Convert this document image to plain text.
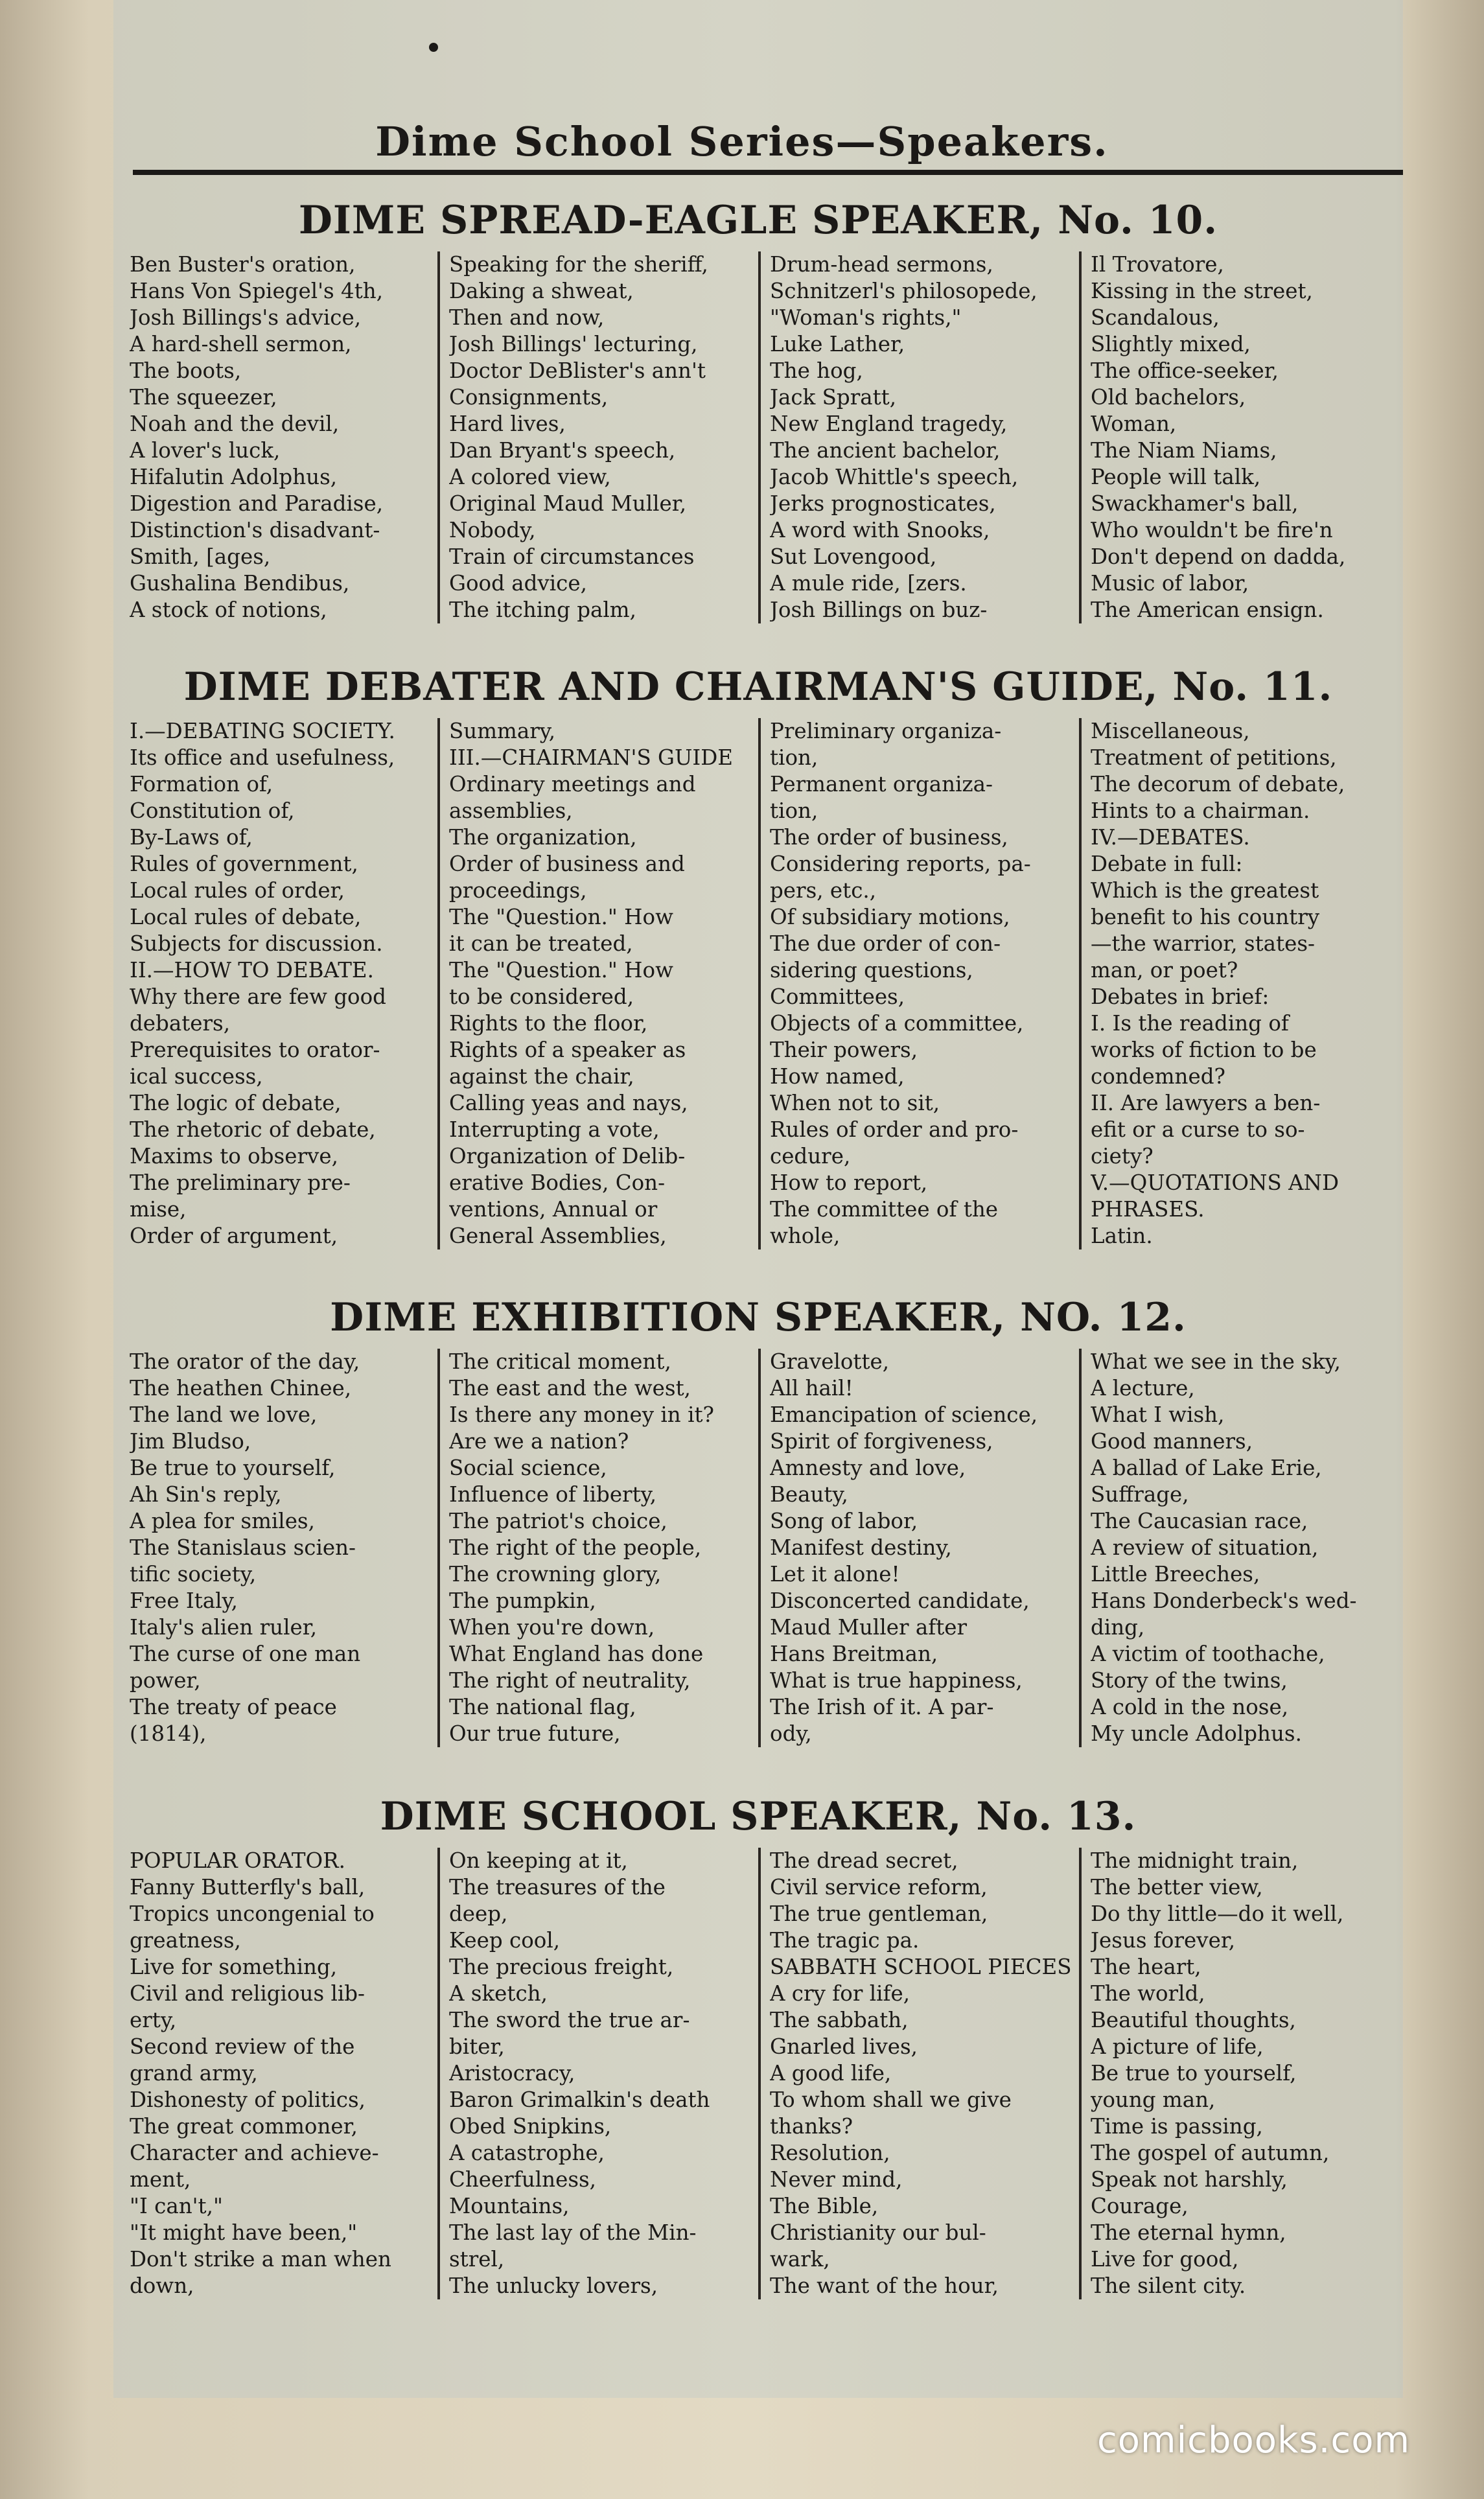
Dime School Series—Speakers.
DIME SPREAD-EAGLE SPEAKER, No. 10.
Ben Buster's oration,
Hans Von Spiegel's 4th,
Josh Billings's advice,
A hard-shell sermon,
The boots,
The squeezer,
Noah and the devil,
A lover's luck,
Hifalutin Adolphus,
Digestion and Paradise,
Distinction's disadvant-
Smith, [ages,
Gushalina Bendibus,
A stock of notions,
Speaking for the sheriff,
Daking a shweat,
Then and now,
Josh Billings' lecturing,
Doctor DeBlister's ann't
Consignments,
Hard lives,
Dan Bryant's speech,
A colored view,
Original Maud Muller,
Nobody,
Train of circumstances
Good advice,
The itching palm,
Drum-head sermons,
Schnitzerl's philosopede,
"Woman's rights,"
Luke Lather,
The hog,
Jack Spratt,
New England tragedy,
The ancient bachelor,
Jacob Whittle's speech,
Jerks prognosticates,
A word with Snooks,
Sut Lovengood,
A mule ride, [zers.
Josh Billings on buz-
Il Trovatore,
Kissing in the street,
Scandalous,
Slightly mixed,
The office-seeker,
Old bachelors,
Woman,
The Niam Niams,
People will talk,
Swackhamer's ball,
Who wouldn't be fire'n
Don't depend on dadda,
Music of labor,
The American ensign.
DIME DEBATER AND CHAIRMAN'S GUIDE, No. 11.
I.—DEBATING SOCIETY.
Its office and usefulness,
Formation of,
Constitution of,
By-Laws of,
Rules of government,
Local rules of order,
Local rules of debate,
Subjects for discussion.
II.—HOW TO DEBATE.
Why there are few good
debaters,
Prerequisites to orator-
ical success,
The logic of debate,
The rhetoric of debate,
Maxims to observe,
The preliminary pre-
mise,
Order of argument,
Summary,
III.—CHAIRMAN'S GUIDE
Ordinary meetings and
assemblies,
The organization,
Order of business and
proceedings,
The "Question." How
it can be treated,
The "Question." How
to be considered,
Rights to the floor,
Rights of a speaker as
against the chair,
Calling yeas and nays,
Interrupting a vote,
Organization of Delib-
erative Bodies, Con-
ventions, Annual or
General Assemblies,
Preliminary organiza-
tion,
Permanent organiza-
tion,
The order of business,
Considering reports, pa-
pers, etc.,
Of subsidiary motions,
The due order of con-
sidering questions,
Committees,
Objects of a committee,
Their powers,
How named,
When not to sit,
Rules of order and pro-
cedure,
How to report,
The committee of the
whole,
Miscellaneous,
Treatment of petitions,
The decorum of debate,
Hints to a chairman.
IV.—DEBATES.
Debate in full:
Which is the greatest
benefit to his country
—the warrior, states-
man, or poet?
Debates in brief:
I. Is the reading of
works of fiction to be
condemned?
II. Are lawyers a ben-
efit or a curse to so-
ciety?
V.—QUOTATIONS AND
PHRASES.
Latin.
DIME EXHIBITION SPEAKER, NO. 12.
The orator of the day,
The heathen Chinee,
The land we love,
Jim Bludso,
Be true to yourself,
Ah Sin's reply,
A plea for smiles,
The Stanislaus scien-
tific society,
Free Italy,
Italy's alien ruler,
The curse of one man
power,
The treaty of peace
(1814),
The critical moment,
The east and the west,
Is there any money in it?
Are we a nation?
Social science,
Influence of liberty,
The patriot's choice,
The right of the people,
The crowning glory,
The pumpkin,
When you're down,
What England has done
The right of neutrality,
The national flag,
Our true future,
Gravelotte,
All hail!
Emancipation of science,
Spirit of forgiveness,
Amnesty and love,
Beauty,
Song of labor,
Manifest destiny,
Let it alone!
Disconcerted candidate,
Maud Muller after
Hans Breitman,
What is true happiness,
The Irish of it. A par-
ody,
What we see in the sky,
A lecture,
What I wish,
Good manners,
A ballad of Lake Erie,
Suffrage,
The Caucasian race,
A review of situation,
Little Breeches,
Hans Donderbeck's wed-
ding,
A victim of toothache,
Story of the twins,
A cold in the nose,
My uncle Adolphus.
DIME SCHOOL SPEAKER, No. 13.
POPULAR ORATOR.
Fanny Butterfly's ball,
Tropics uncongenial to
greatness,
Live for something,
Civil and religious lib-
erty,
Second review of the
grand army,
Dishonesty of politics,
The great commoner,
Character and achieve-
ment,
"I can't,"
"It might have been,"
Don't strike a man when
down,
On keeping at it,
The treasures of the
deep,
Keep cool,
The precious freight,
A sketch,
The sword the true ar-
biter,
Aristocracy,
Baron Grimalkin's death
Obed Snipkins,
A catastrophe,
Cheerfulness,
Mountains,
The last lay of the Min-
strel,
The unlucky lovers,
The dread secret,
Civil service reform,
The true gentleman,
The tragic pa.
SABBATH SCHOOL PIECES
A cry for life,
The sabbath,
Gnarled lives,
A good life,
To whom shall we give
thanks?
Resolution,
Never mind,
The Bible,
Christianity our bul-
wark,
The want of the hour,
The midnight train,
The better view,
Do thy little—do it well,
Jesus forever,
The heart,
The world,
Beautiful thoughts,
A picture of life,
Be true to yourself,
young man,
Time is passing,
The gospel of autumn,
Speak not harshly,
Courage,
The eternal hymn,
Live for good,
The silent city.
comicbooks.com
